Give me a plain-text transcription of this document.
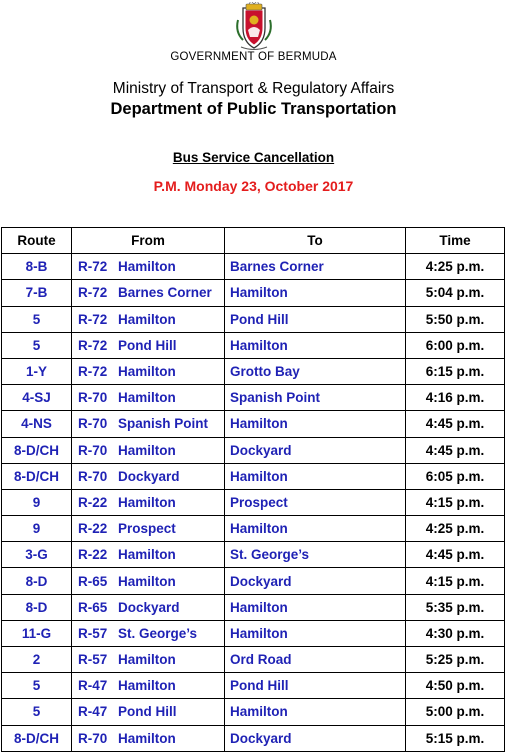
GOVERNMENT OF BERMUDA
Ministry of Transport & Regulatory Affairs
Department of Public Transportation
Bus Service Cancellation
P.M. Monday 23, October 2017
Route	From	To	Time
8-B	R-72 Hamilton	Barnes Corner	4:25 p.m.
7-B	R-72 Barnes Corner	Hamilton	5:04 p.m.
5	R-72 Hamilton	Pond Hill	5:50 p.m.
5	R-72 Pond Hill	Hamilton	6:00 p.m.
1-Y	R-72 Hamilton	Grotto Bay	6:15 p.m.
4-SJ	R-70 Hamilton	Spanish Point	4:16 p.m.
4-NS	R-70 Spanish Point	Hamilton	4:45 p.m.
8-D/CH	R-70 Hamilton	Dockyard	4:45 p.m.
8-D/CH	R-70 Dockyard	Hamilton	6:05 p.m.
9	R-22 Hamilton	Prospect	4:15 p.m.
9	R-22 Prospect	Hamilton	4:25 p.m.
3-G	R-22 Hamilton	St. George’s	4:45 p.m.
8-D	R-65 Hamilton	Dockyard	4:15 p.m.
8-D	R-65 Dockyard	Hamilton	5:35 p.m.
11-G	R-57 St. George’s	Hamilton	4:30 p.m.
2	R-57 Hamilton	Ord Road	5:25 p.m.
5	R-47 Hamilton	Pond Hill	4:50 p.m.
5	R-47 Pond Hill	Hamilton	5:00 p.m.
8-D/CH	R-70 Hamilton	Dockyard	5:15 p.m.
